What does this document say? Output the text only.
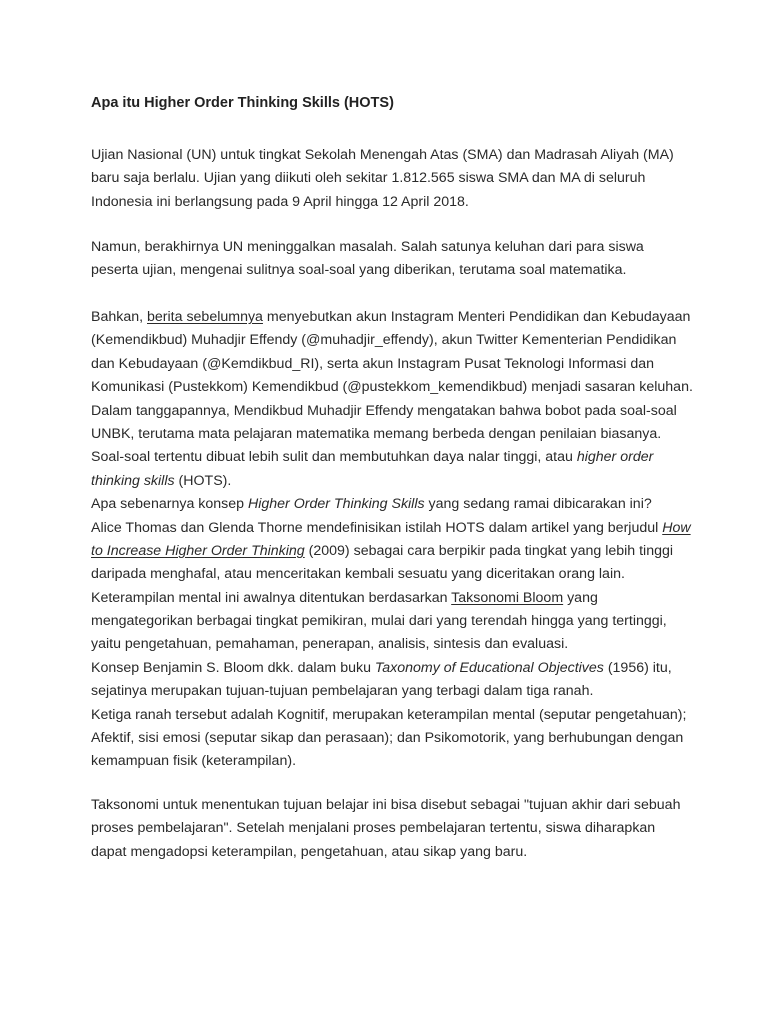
Apa itu Higher Order Thinking Skills (HOTS)

Ujian Nasional (UN) untuk tingkat Sekolah Menengah Atas (SMA) dan Madrasah Aliyah (MA)
baru saja berlalu. Ujian yang diikuti oleh sekitar 1.812.565 siswa SMA dan MA di seluruh
Indonesia ini berlangsung pada 9 April hingga 12 April 2018.

Namun, berakhirnya UN meninggalkan masalah. Salah satunya keluhan dari para siswa
peserta ujian, mengenai sulitnya soal-soal yang diberikan, terutama soal matematika.

Bahkan, berita sebelumnya menyebutkan akun Instagram Menteri Pendidikan dan Kebudayaan
(Kemendikbud) Muhadjir Effendy (@muhadjir_effendy), akun Twitter Kementerian Pendidikan
dan Kebudayaan (@Kemdikbud_RI), serta akun Instagram Pusat Teknologi Informasi dan
Komunikasi (Pustekkom) Kemendikbud (@pustekkom_kemendikbud) menjadi sasaran keluhan.
Dalam tanggapannya, Mendikbud Muhadjir Effendy mengatakan bahwa bobot pada soal-soal
UNBK, terutama mata pelajaran matematika memang berbeda dengan penilaian biasanya.
Soal-soal tertentu dibuat lebih sulit dan membutuhkan daya nalar tinggi, atau higher order
thinking skills (HOTS).
Apa sebenarnya konsep Higher Order Thinking Skills yang sedang ramai dibicarakan ini?
Alice Thomas dan Glenda Thorne mendefinisikan istilah HOTS dalam artikel yang berjudul How
to Increase Higher Order Thinking (2009) sebagai cara berpikir pada tingkat yang lebih tinggi
daripada menghafal, atau menceritakan kembali sesuatu yang diceritakan orang lain.
Keterampilan mental ini awalnya ditentukan berdasarkan Taksonomi Bloom yang
mengategorikan berbagai tingkat pemikiran, mulai dari yang terendah hingga yang tertinggi,
yaitu pengetahuan, pemahaman, penerapan, analisis, sintesis dan evaluasi.
Konsep Benjamin S. Bloom dkk. dalam buku Taxonomy of Educational Objectives (1956) itu,
sejatinya merupakan tujuan-tujuan pembelajaran yang terbagi dalam tiga ranah.
Ketiga ranah tersebut adalah Kognitif, merupakan keterampilan mental (seputar pengetahuan);
Afektif, sisi emosi (seputar sikap dan perasaan); dan Psikomotorik, yang berhubungan dengan
kemampuan fisik (keterampilan).

Taksonomi untuk menentukan tujuan belajar ini bisa disebut sebagai "tujuan akhir dari sebuah
proses pembelajaran". Setelah menjalani proses pembelajaran tertentu, siswa diharapkan
dapat mengadopsi keterampilan, pengetahuan, atau sikap yang baru.
